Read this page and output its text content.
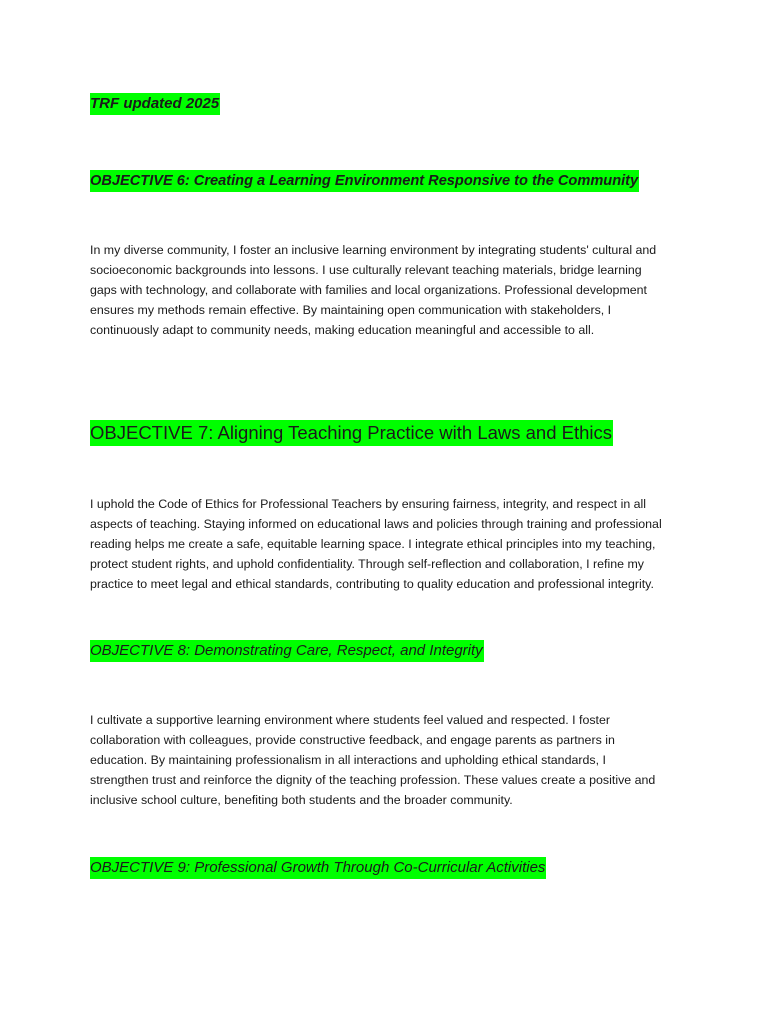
TRF updated 2025
OBJECTIVE 6: Creating a Learning Environment Responsive to the Community
In my diverse community, I foster an inclusive learning environment by integrating students' cultural and
socioeconomic backgrounds into lessons. I use culturally relevant teaching materials, bridge learning
gaps with technology, and collaborate with families and local organizations. Professional development
ensures my methods remain effective. By maintaining open communication with stakeholders, I
continuously adapt to community needs, making education meaningful and accessible to all.
OBJECTIVE 7: Aligning Teaching Practice with Laws and Ethics
I uphold the Code of Ethics for Professional Teachers by ensuring fairness, integrity, and respect in all
aspects of teaching. Staying informed on educational laws and policies through training and professional
reading helps me create a safe, equitable learning space. I integrate ethical principles into my teaching,
protect student rights, and uphold confidentiality. Through self-reflection and collaboration, I refine my
practice to meet legal and ethical standards, contributing to quality education and professional integrity.
OBJECTIVE 8: Demonstrating Care, Respect, and Integrity
I cultivate a supportive learning environment where students feel valued and respected. I foster
collaboration with colleagues, provide constructive feedback, and engage parents as partners in
education. By maintaining professionalism in all interactions and upholding ethical standards, I
strengthen trust and reinforce the dignity of the teaching profession. These values create a positive and
inclusive school culture, benefiting both students and the broader community.
OBJECTIVE 9: Professional Growth Through Co-Curricular Activities
